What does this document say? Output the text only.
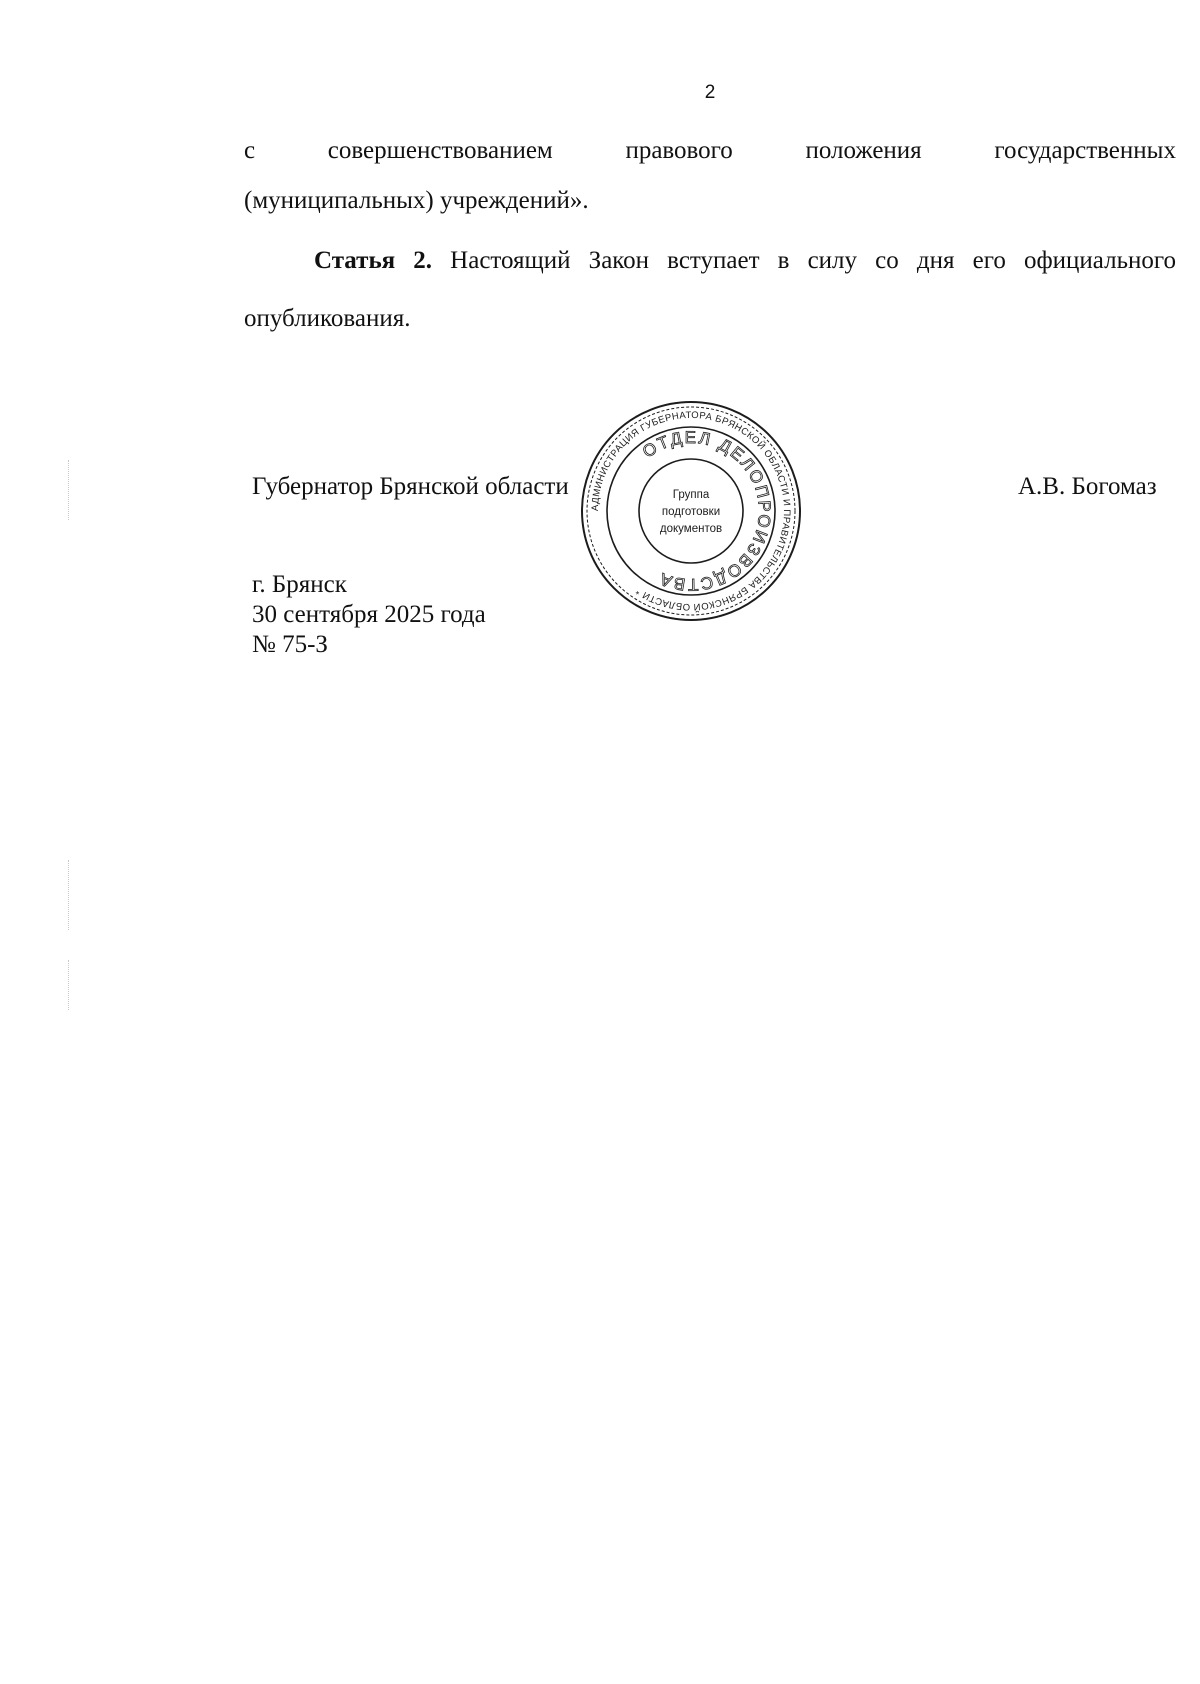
2
с	совершенствованием	правового	положения	государственных
(муниципальных) учреждений».
Статья 2. Настоящий Закон вступает в силу со дня его официального опубликования.
Губернатор Брянской области	А.В. Богомаз
г. Брянск
30 сентября 2025 года
№ 75-З
АДМИНИСТРАЦИЯ ГУБЕРНАТОРА БРЯНСКОЙ ОБЛАСТИ И ПРАВИТЕЛЬСТВА БРЯНСКОЙ ОБЛАСТИ *
ОТДЕЛ ДЕЛОПРОИЗВОДСТВА
Группа
подготовки
документов
